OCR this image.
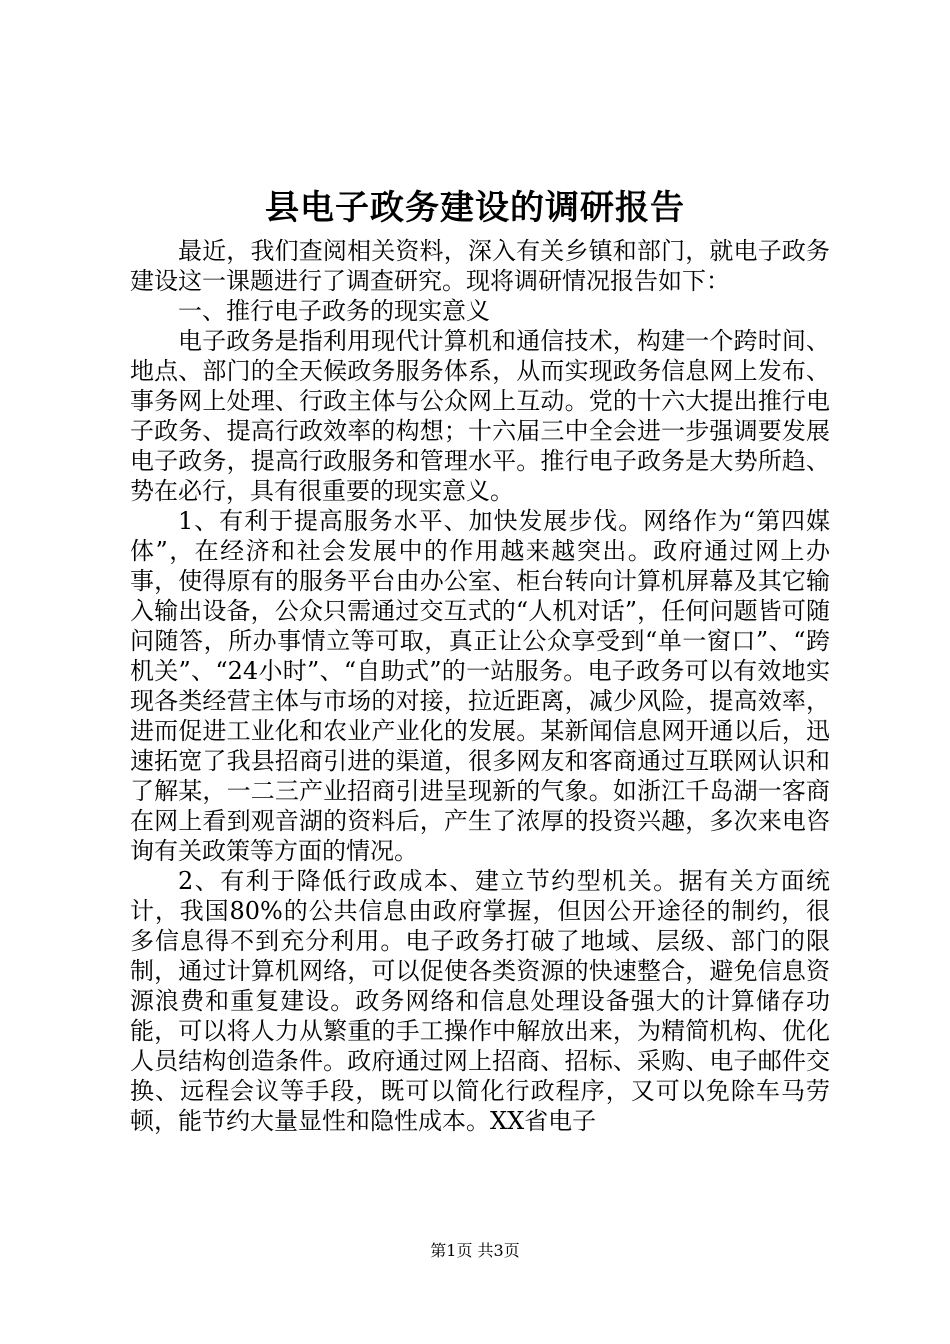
县电子政务建设的调研报告

最近，我们查阅相关资料，深入有关乡镇和部门，就电子政务建设这一课题进行了调查研究。现将调研情况报告如下：

一、推行电子政务的现实意义

电子政务是指利用现代计算机和通信技术，构建一个跨时间、地点、部门的全天候政务服务体系，从而实现政务信息网上发布、事务网上处理、行政主体与公众网上互动。党的十六大提出推行电子政务、提高行政效率的构想；十六届三中全会进一步强调要发展电子政务，提高行政服务和管理水平。推行电子政务是大势所趋、势在必行，具有很重要的现实意义。

1、有利于提高服务水平、加快发展步伐。网络作为“第四媒体”，在经济和社会发展中的作用越来越突出。政府通过网上办事，使得原有的服务平台由办公室、柜台转向计算机屏幕及其它输入输出设备，公众只需通过交互式的“人机对话”，任何问题皆可随问随答，所办事情立等可取，真正让公众享受到“单一窗口”、“跨机关”、“24小时”、“自助式”的一站服务。电子政务可以有效地实现各类经营主体与市场的对接，拉近距离，减少风险，提高效率，进而促进工业化和农业产业化的发展。某新闻信息网开通以后，迅速拓宽了我县招商引进的渠道，很多网友和客商通过互联网认识和了解某，一二三产业招商引进呈现新的气象。如浙江千岛湖一客商在网上看到观音湖的资料后，产生了浓厚的投资兴趣，多次来电咨询有关政策等方面的情况。

2、有利于降低行政成本、建立节约型机关。据有关方面统计，我国80%的公共信息由政府掌握，但因公开途径的制约，很多信息得不到充分利用。电子政务打破了地域、层级、部门的限制，通过计算机网络，可以促使各类资源的快速整合，避免信息资源浪费和重复建设。政务网络和信息处理设备强大的计算储存功能，可以将人力从繁重的手工操作中解放出来，为精简机构、优化人员结构创造条件。政府通过网上招商、招标、采购、电子邮件交换、远程会议等手段，既可以简化行政程序，又可以免除车马劳顿，能节约大量显性和隐性成本。XX省电子

第1页 共3页
